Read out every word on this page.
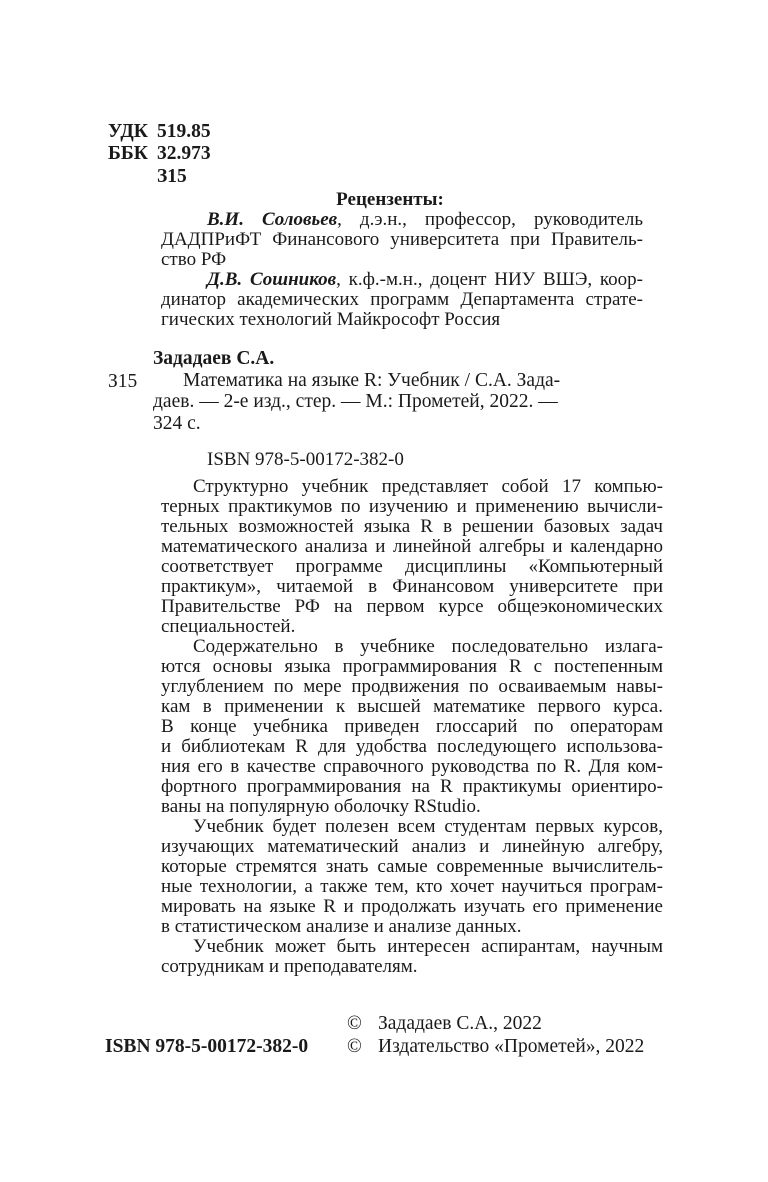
УДК 519.85
ББК 32.973
З15
Рецензенты:
В.И. Соловьев, д.э.н., профессор, руководитель
ДАДПРиФТ Финансового университета при Правитель-
ство РФ
Д.В. Сошников, к.ф.-м.н., доцент НИУ ВШЭ, коор-
динатор академических программ Департамента страте-
гических технологий Майкрософт Россия
З15
Зададаев С.А.
Математика на языке R: Учебник / С.А. Зада-
даев. — 2-е изд., стер. — М.: Прометей, 2022. —
324 с.
ISBN 978-5-00172-382-0
Структурно учебник представляет собой 17 компью-
терных практикумов по изучению и применению вычисли-
тельных возможностей языка R в решении базовых задач
математического анализа и линейной алгебры и календарно
соответствует программе дисциплины «Компьютерный
практикум», читаемой в Финансовом университете при
Правительстве РФ на первом курсе общеэкономических
специальностей.
Содержательно в учебнике последовательно излага-
ются основы языка программирования R с постепенным
углублением по мере продвижения по осваиваемым навы-
кам в применении к высшей математике первого курса.
В конце учебника приведен глоссарий по операторам
и библиотекам R для удобства последующего использова-
ния его в качестве справочного руководства по R. Для ком-
фортного программирования на R практикумы ориентиро-
ваны на популярную оболочку RStudio.
Учебник будет полезен всем студентам первых курсов,
изучающих математический анализ и линейную алгебру,
которые стремятся знать самые современные вычислитель-
ные технологии, а также тем, кто хочет научиться програм-
мировать на языке R и продолжать изучать его применение
в статистическом анализе и анализе данных.
Учебник может быть интересен аспирантам, научным
сотрудникам и преподавателям.
ISBN 978-5-00172-382-0
© Зададаев С.А., 2022
© Издательство «Прометей», 2022
